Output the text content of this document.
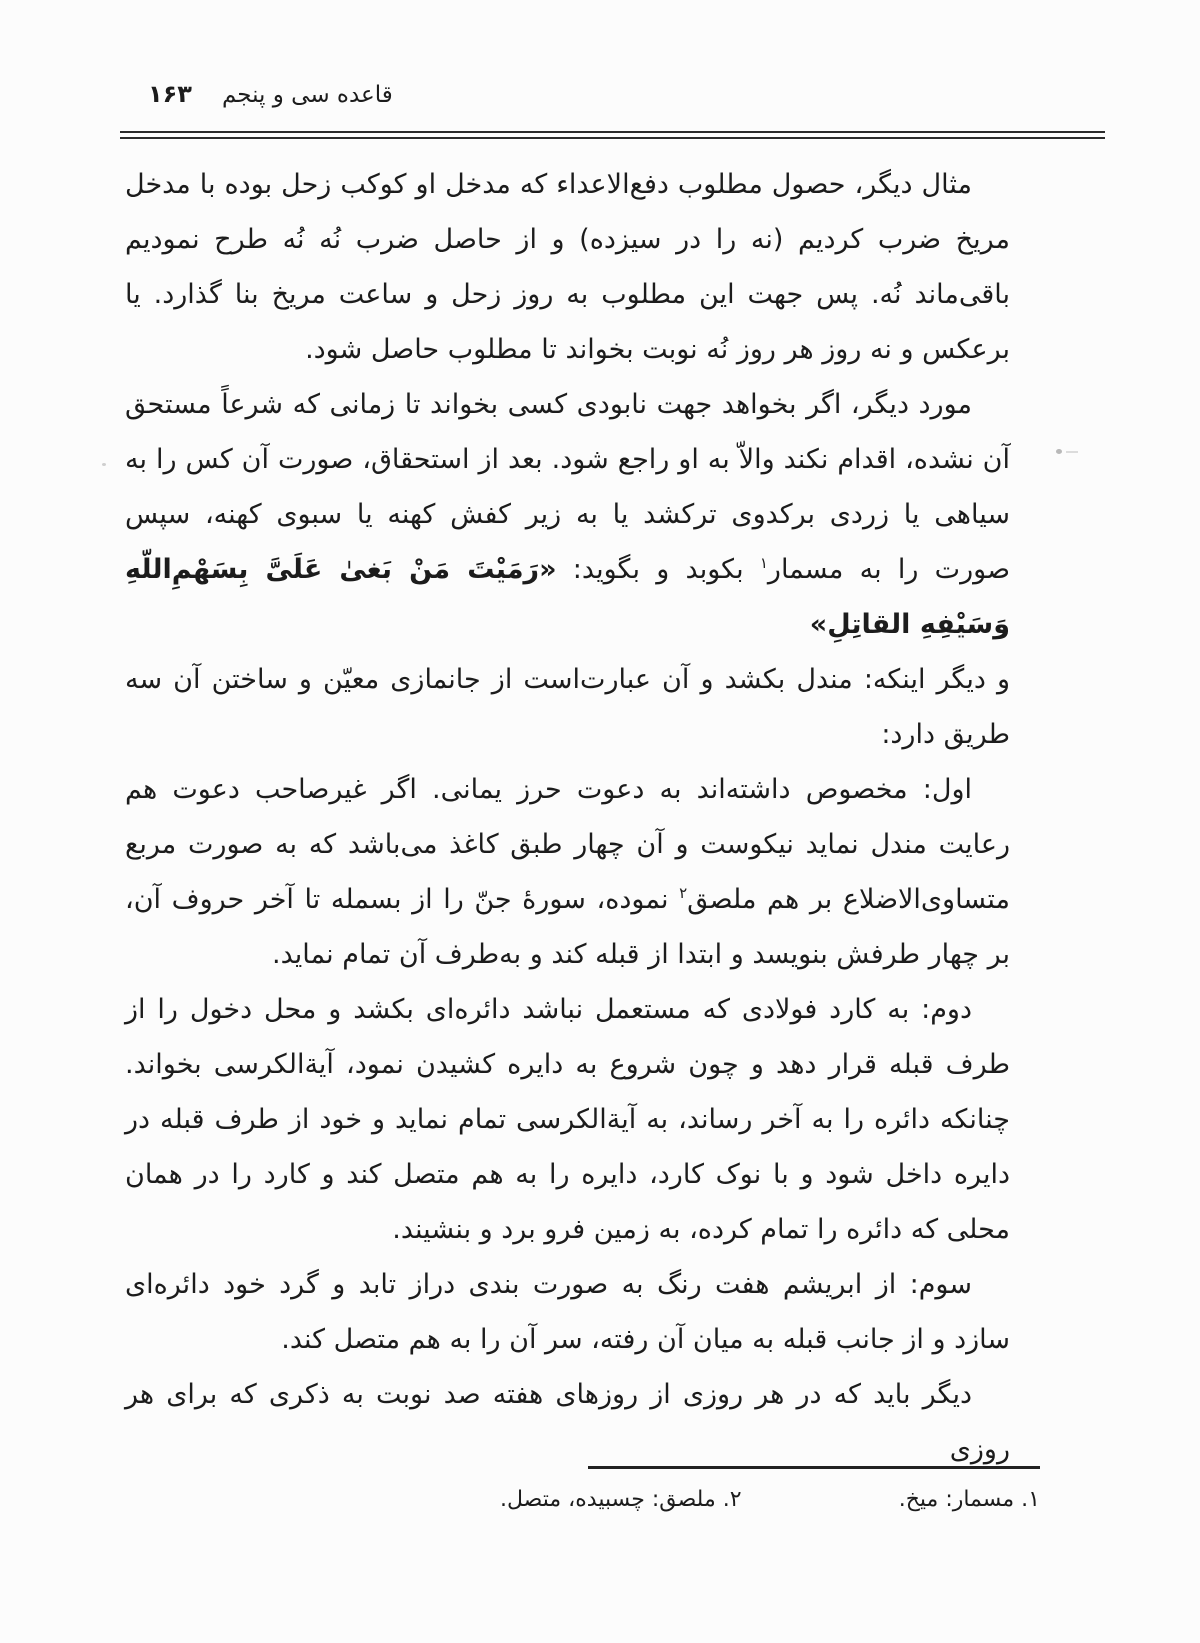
قاعده سی و پنجم
۱۶۳

مثال دیگر، حصول مطلوب دفع‌الاعداء که مدخل او کوکب زحل بوده با مدخل مریخ ضرب کردیم (نه را در سیزده) و از حاصل ضرب نُه نُه طرح نمودیم باقی‌ماند نُه. پس جهت این مطلوب به روز زحل و ساعت مریخ بنا گذارد. یا برعکس و نه روز هر روز نُه نوبت بخواند تا مطلوب حاصل شود.

مورد دیگر، اگر بخواهد جهت نابودی کسی بخواند تا زمانی که شرعاً مستحق آن نشده، اقدام نکند والاّ به او راجع شود. بعد از استحقاق، صورت آن کس را به سیاهی یا زردی برکدوی ترکشد یا به زیر کفش کهنه یا سبوی کهنه، سپس صورت را به مسمار$^۱$ بکوبد و بگوید: «رَمَیْتَ مَنْ بَغیٰ عَلَیَّ بِسَهْمِ‌اللّهِ وَسَیْفِهِ القاتِلِ»

و دیگر اینکه: مندل بکشد و آن عبارت‌است از جانمازی معیّن و ساختن آن سه طریق دارد:

اول: مخصوص داشته‌اند به دعوت حرز یمانی. اگر غیرصاحب دعوت هم رعایت مندل نماید نیکوست و آن چهار طبق کاغذ می‌باشد که به صورت مربع متساوی‌الاضلاع بر هم ملصق$^۲$ نموده، سورهٔ جنّ را از بسمله تا آخر حروف آن، بر چهار طرفش بنویسد و ابتدا از قبله کند و به‌طرف آن تمام نماید.

دوم: به کارد فولادی که مستعمل نباشد دائره‌ای بکشد و محل دخول را از طرف قبله قرار دهد و چون شروع به دایره کشیدن نمود، آیةالکرسی بخواند. چنانکه دائره را به آخر رساند، به آیةالکرسی تمام نماید و خود از طرف قبله در دایره داخل شود و با نوک کارد، دایره را به هم متصل کند و کارد را در همان محلی که دائره را تمام کرده، به زمین فرو برد و بنشیند.

سوم: از ابریشم هفت رنگ به صورت بندی دراز تابد و گرد خود دائره‌ای سازد و از جانب قبله به میان آن رفته، سر آن را به هم متصل کند.

دیگر باید که در هر روزی از روزهای هفته صد نوبت به ذکری که برای هر روزی

۱. مسمار: میخ.
۲. ملصق: چسبیده، متصل.
